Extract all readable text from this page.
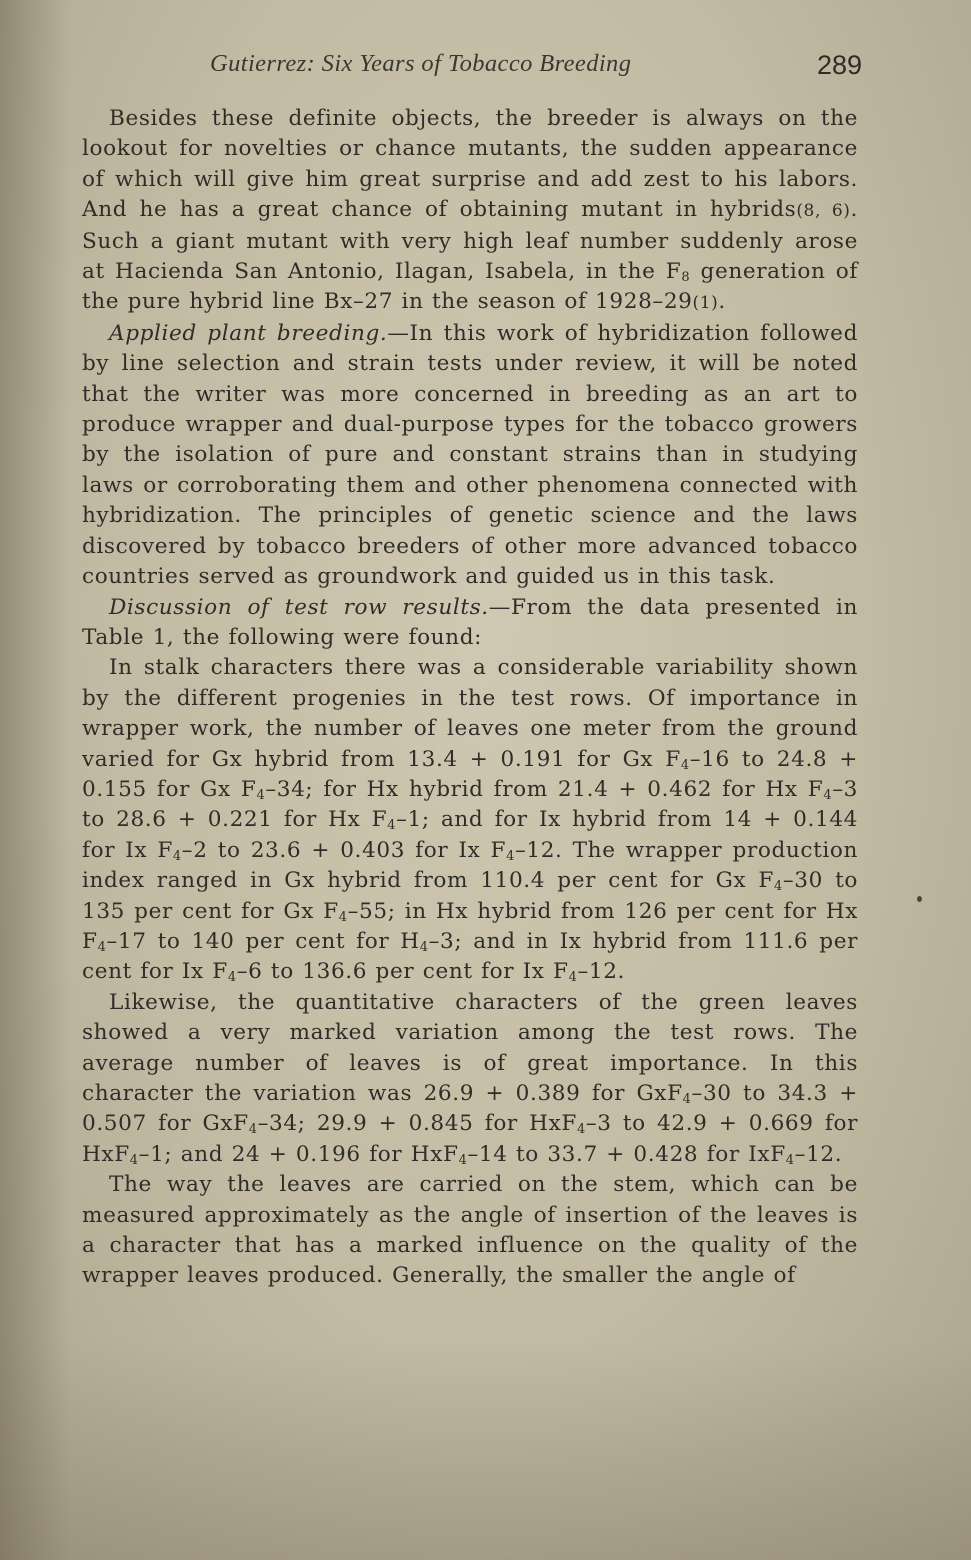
Gutierrez: Six Years of Tobacco Breeding	289

Besides these definite objects, the breeder is always on the lookout for novelties or chance mutants, the sudden appearance of which will give him great surprise and add zest to his labors. And he has a great chance of obtaining mutant in hybrids(8, 6). Such a giant mutant with very high leaf number suddenly arose at Hacienda San Antonio, Ilagan, Isabela, in the $F_8$ generation of the pure hybrid line Bx–27 in the season of 1928–29(1).

Applied plant breeding.—In this work of hybridization followed by line selection and strain tests under review, it will be noted that the writer was more concerned in breeding as an art to produce wrapper and dual-purpose types for the tobacco growers by the isolation of pure and constant strains than in studying laws or corroborating them and other phenomena connected with hybridization. The principles of genetic science and the laws discovered by tobacco breeders of other more advanced tobacco countries served as groundwork and guided us in this task.

Discussion of test row results.—From the data presented in Table 1, the following were found:

In stalk characters there was a considerable variability shown by the different progenies in the test rows. Of importance in wrapper work, the number of leaves one meter from the ground varied for Gx hybrid from 13.4 + 0.191 for Gx $F_4-16$ to 24.8 + 0.155 for Gx $F_4-34$; for Hx hybrid from 21.4 + 0.462 for Hx $F_4-3$ to 28.6 + 0.221 for Hx $F_4-1$; and for Ix hybrid from 14 + 0.144 for Ix $F_4-2$ to 23.6 + 0.403 for Ix $F_4-12$. The wrapper production index ranged in Gx hybrid from 110.4 per cent for Gx $F_4-30$ to 135 per cent for Gx $F_4-55$; in Hx hybrid from 126 per cent for Hx $F_4-17$ to 140 per cent for $H_4-3$; and in Ix hybrid from 111.6 per cent for Ix $F_4-6$ to 136.6 per cent for Ix $F_4-12$.

Likewise, the quantitative characters of the green leaves showed a very marked variation among the test rows. The average number of leaves is of great importance. In this character the variation was 26.9 + 0.389 for GxF$_4$–30 to 34.3 + 0.507 for GxF$_4$–34; 29.9 + 0.845 for HxF$_4$–3 to 42.9 + 0.669 for HxF$_4$–1; and 24 + 0.196 for HxF$_4$–14 to 33.7 + 0.428 for IxF$_4$–12.

The way the leaves are carried on the stem, which can be measured approximately as the angle of insertion of the leaves is a character that has a marked influence on the quality of the wrapper leaves produced. Generally, the smaller the angle of
